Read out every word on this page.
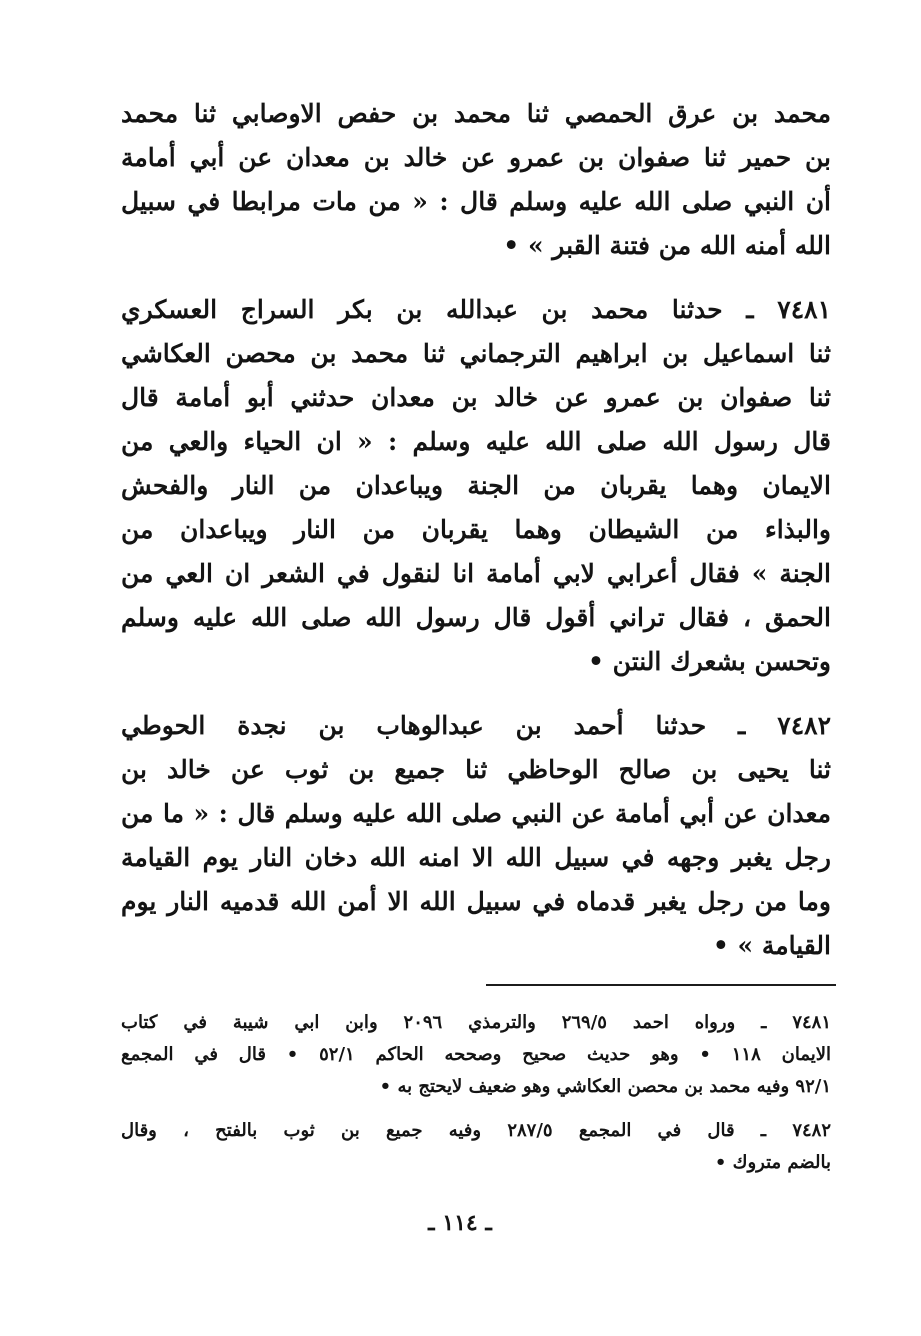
محمد بن عرق الحمصي ثنا محمد بن حفص الاوصابي ثنا محمد
بن حمير ثنا صفوان بن عمرو عن خالد بن معدان عن أبي أمامة
أن النبي صلى الله عليه وسلم قال : « من مات مرابطا في سبيل
الله أمنه الله من فتنة القبر » •
٧٤٨١ ـ حدثنا محمد بن عبدالله بن بكر السراج العسكري
ثنا اسماعيل بن ابراهيم الترجماني ثنا محمد بن محصن العكاشي
ثنا صفوان بن عمرو عن خالد بن معدان حدثني أبو أمامة قال
قال رسول الله صلى الله عليه وسلم : « ان الحياء والعي من
الايمان وهما يقربان من الجنة ويباعدان من النار والفحش
والبذاء من الشيطان وهما يقربان من النار ويباعدان من
الجنة » فقال أعرابي لابي أمامة انا لنقول في الشعر ان العي من
الحمق ، فقال تراني أقول قال رسول الله صلى الله عليه وسلم
وتحسن بشعرك النتن •
٧٤٨٢ ـ حدثنا أحمد بن عبدالوهاب بن نجدة الحوطي
ثنا يحيى بن صالح الوحاظي ثنا جميع بن ثوب عن خالد بن
معدان عن أبي أمامة عن النبي صلى الله عليه وسلم قال : « ما من
رجل يغبر وجهه في سبيل الله الا امنه الله دخان النار يوم القيامة
وما من رجل يغبر قدماه في سبيل الله الا أمن الله قدميه النار يوم
القيامة » •
٧٤٨١ ـ ورواه احمد ٢٦٩/٥ والترمذي ٢٠٩٦ وابن ابي شيبة في كتاب
الايمان ١١٨ • وهو حديث صحيح وصححه الحاكم ٥٢/١ • قال في المجمع
٩٢/١ وفيه محمد بن محصن العكاشي وهو ضعيف لايحتج به •
٧٤٨٢ ـ قال في المجمع ٢٨٧/٥ وفيه جميع بن ثوب بالفتح ، وقال
بالضم متروك •
ـ ١١٤ ـ
